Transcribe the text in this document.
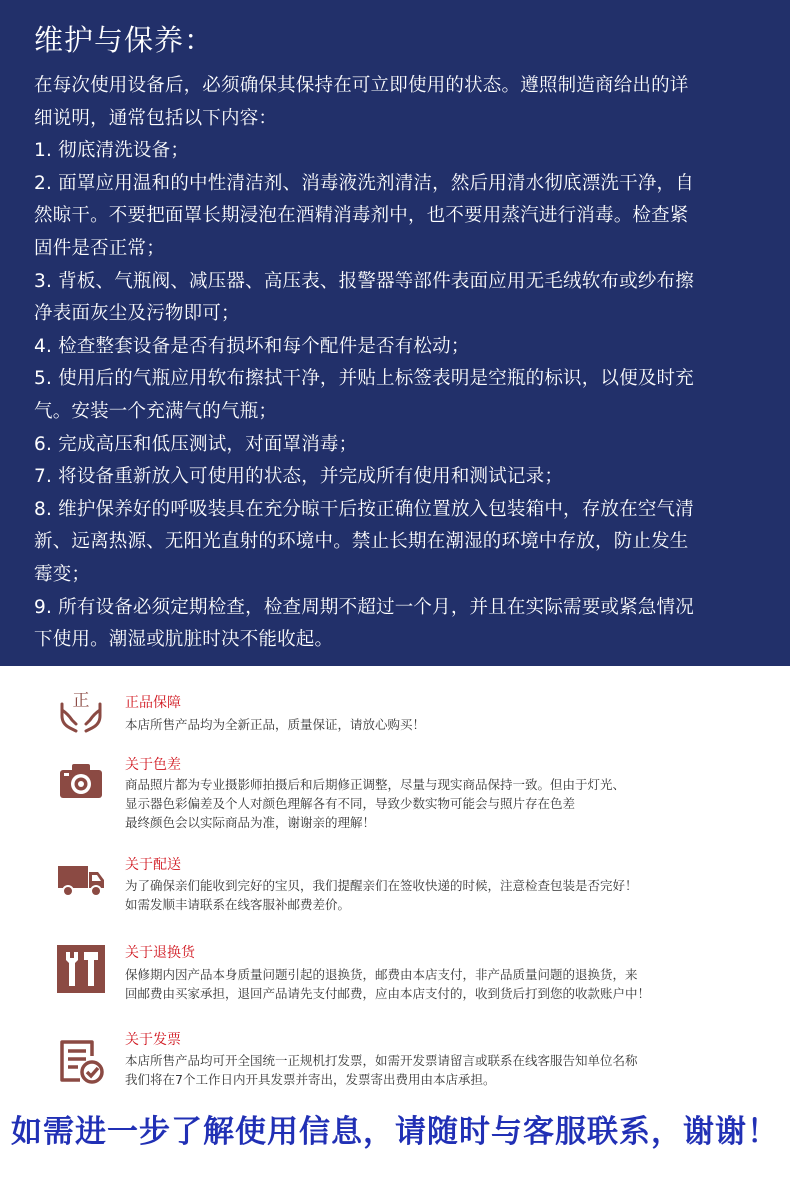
维护与保养：
在每次使用设备后，必须确保其保持在可立即使用的状态。遵照制造商给出的详
细说明，通常包括以下内容：
1. 彻底清洗设备；
2. 面罩应用温和的中性清洁剂、消毒液洗剂清洁，然后用清水彻底漂洗干净，自
然晾干。不要把面罩长期浸泡在酒精消毒剂中，也不要用蒸汽进行消毒。检查紧
固件是否正常；
3. 背板、气瓶阀、减压器、高压表、报警器等部件表面应用无毛绒软布或纱布擦
净表面灰尘及污物即可；
4. 检查整套设备是否有损坏和每个配件是否有松动；
5. 使用后的气瓶应用软布擦拭干净，并贴上标签表明是空瓶的标识，以便及时充
气。安装一个充满气的气瓶；
6. 完成高压和低压测试，对面罩消毒；
7. 将设备重新放入可使用的状态，并完成所有使用和测试记录；
8. 维护保养好的呼吸装具在充分晾干后按正确位置放入包装箱中，存放在空气清
新、远离热源、无阳光直射的环境中。禁止长期在潮湿的环境中存放，防止发生
霉变；
9. 所有设备必须定期检查，检查周期不超过一个月，并且在实际需要或紧急情况
下使用。潮湿或肮脏时决不能收起。
正	正品保障
本店所售产品均为全新正品，质量保证，请放心购买！
关于色差
商品照片都为专业摄影师拍摄后和后期修正调整，尽量与现实商品保持一致。但由于灯光、
显示器色彩偏差及个人对颜色理解各有不同，导致少数实物可能会与照片存在色差
最终颜色会以实际商品为准，谢谢亲的理解！
关于配送
为了确保亲们能收到完好的宝贝，我们提醒亲们在签收快递的时候，注意检查包装是否完好！
如需发顺丰请联系在线客服补邮费差价。
关于退换货
保修期内因产品本身质量问题引起的退换货，邮费由本店支付，非产品质量问题的退换货，来
回邮费由买家承担，退回产品请先支付邮费，应由本店支付的，收到货后打到您的收款账户中！
关于发票
本店所售产品均可开全国统一正规机打发票，如需开发票请留言或联系在线客服告知单位名称
我们将在7个工作日内开具发票并寄出，发票寄出费用由本店承担。
如需进一步了解使用信息，请随时与客服联系，谢谢！
